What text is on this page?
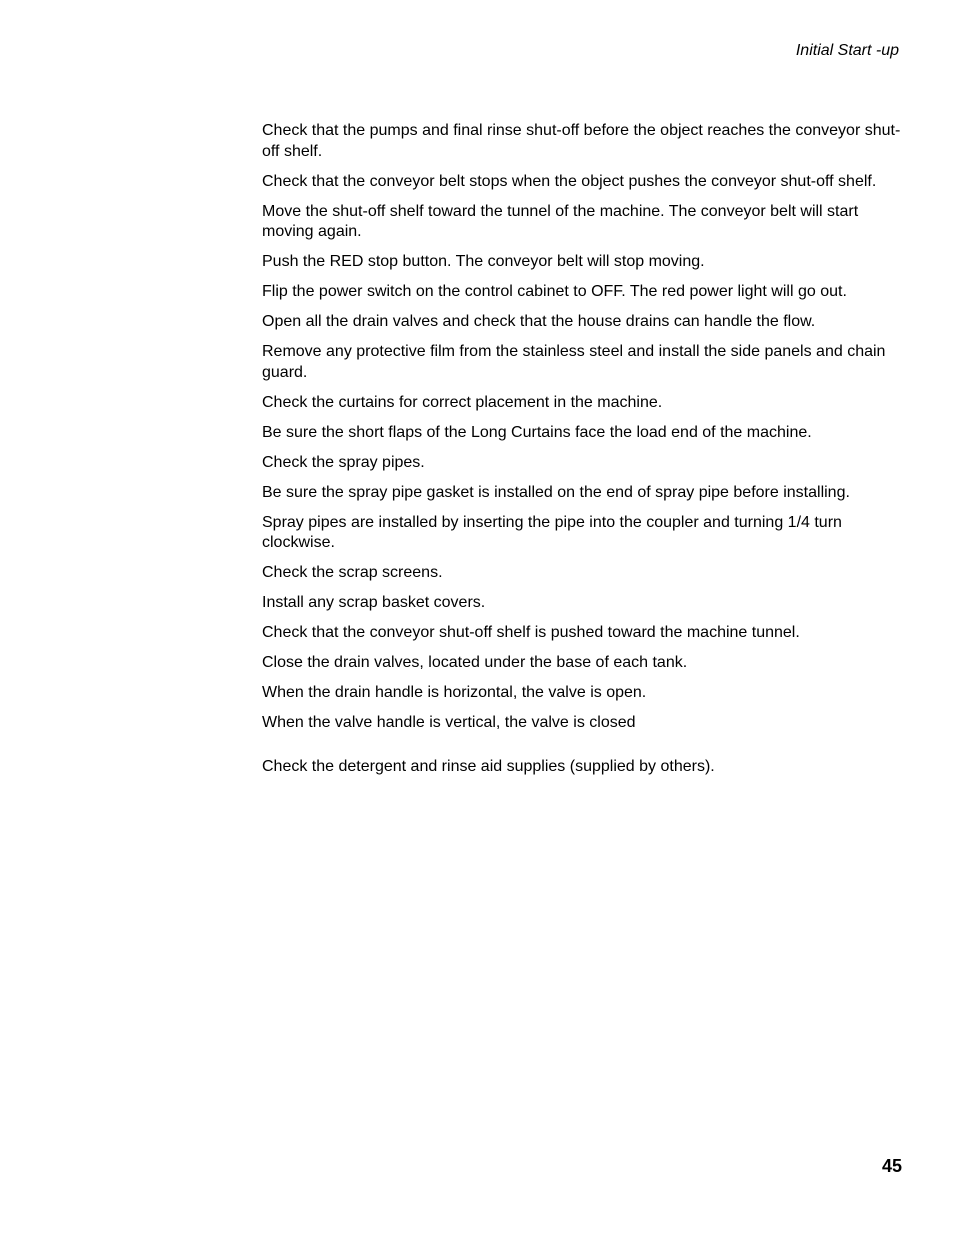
Initial Start -up

Check that the pumps and final rinse shut-off before the object reaches the conveyor shut-off shelf.

Check that the conveyor belt stops when the object pushes the conveyor shut-off shelf.

Move the shut-off shelf toward the tunnel of the machine. The conveyor belt will start moving again.

Push the RED stop button. The conveyor belt will stop moving.

Flip the power switch on the control cabinet to OFF. The red power light will go out.

Open all the drain valves and check that the house drains can handle the flow.

Remove any protective film from the stainless steel and install the side panels and chain guard.

Check the curtains for correct placement in the machine.

Be sure the short flaps of the Long Curtains face the load end of the machine.

Check the spray pipes.

Be sure the spray pipe gasket is installed on the end of spray pipe before installing.

Spray pipes are installed by inserting the pipe into the coupler and turning 1/4 turn clockwise.

Check the scrap screens.

Install any scrap basket covers.

Check that the conveyor shut-off shelf is pushed toward the machine tunnel.

Close the drain valves, located under the base of each tank.

When the drain handle is horizontal, the valve is open.

When the valve handle is vertical, the valve is closed

Check the detergent and rinse aid supplies (supplied by others).

45
